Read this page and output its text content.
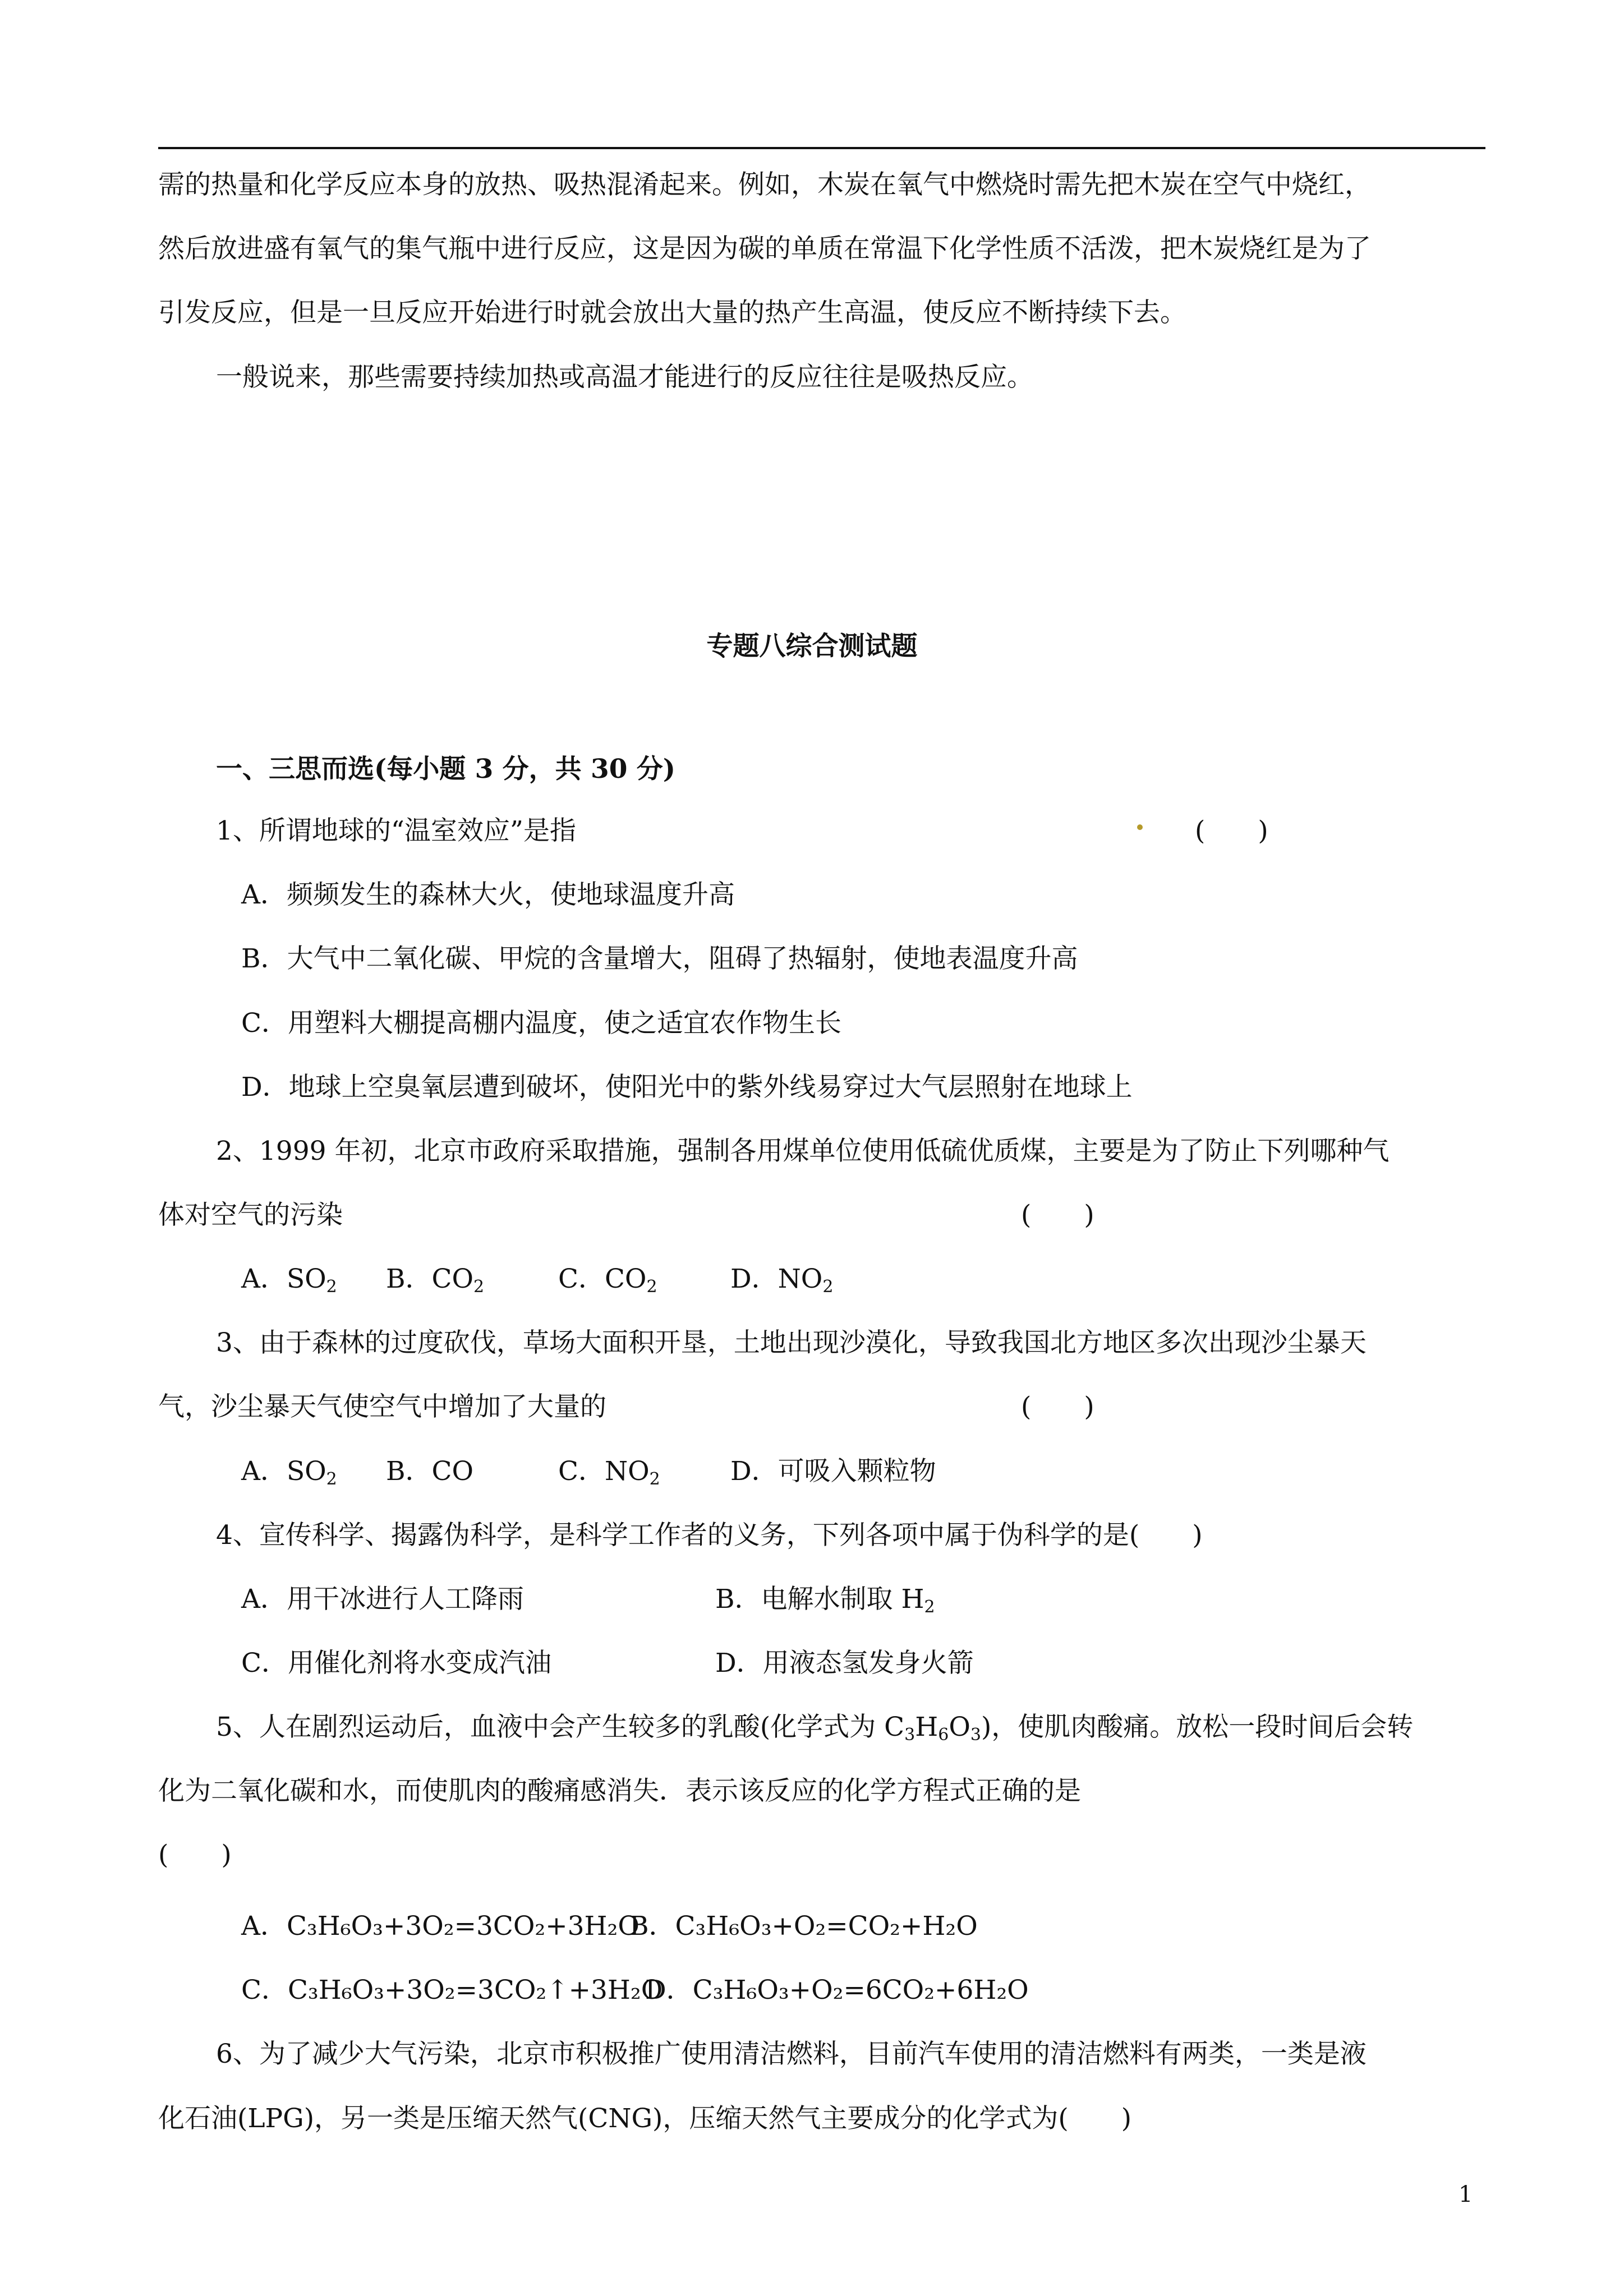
需的热量和化学反应本身的放热、吸热混淆起来。例如，木炭在氧气中燃烧时需先把木炭在空气中烧红，
然后放进盛有氧气的集气瓶中进行反应，这是因为碳的单质在常温下化学性质不活泼，把木炭烧红是为了
引发反应，但是一旦反应开始进行时就会放出大量的热产生高温，使反应不断持续下去。
一般说来，那些需要持续加热或高温才能进行的反应往往是吸热反应。
专题八综合测试题
一、三思而选(每小题 3 分，共 30 分)
1、所谓地球的“温室效应”是指	(　　)
A．频频发生的森林大火，使地球温度升高
B．大气中二氧化碳、甲烷的含量增大，阻碍了热辐射，使地表温度升高
C．用塑料大棚提高棚内温度，使之适宜农作物生长
D．地球上空臭氧层遭到破坏，使阳光中的紫外线易穿过大气层照射在地球上
2、1999 年初，北京市政府采取措施，强制各用煤单位使用低硫优质煤，主要是为了防止下列哪种气
体对空气的污染	(　　)
A．$SO_2$ B．$CO_2$	C．$CO_2$	D．$NO_2$
3、由于森林的过度砍伐，草场大面积开垦，土地出现沙漠化，导致我国北方地区多次出现沙尘暴天
气，沙尘暴天气使空气中增加了大量的	(　　)
A．$SO_2$ B．CO	C．$NO_2$	D．可吸入颗粒物
4、宣传科学、揭露伪科学，是科学工作者的义务，下列各项中属于伪科学的是(　　)
A．用干冰进行人工降雨	B．电解水制取 $H_2$
C．用催化剂将水变成汽油	D．用液态氢发身火箭
5、人在剧烈运动后，血液中会产生较多的乳酸(化学式为 $C_3H_6O_3$)，使肌肉酸痛。放松一段时间后会转
化为二氧化碳和水，而使肌肉的酸痛感消失．表示该反应的化学方程式正确的是
(　　)
A．C₃H₆O₃+3O₂=3CO₂+3H₂O
B．C₃H₆O₃+O₂=CO₂+H₂O
C．C₃H₆O₃+3O₂=3CO₂↑+3H₂O
D．C₃H₆O₃+O₂=6CO₂+6H₂O
6、为了减少大气污染，北京市积极推广使用清洁燃料，目前汽车使用的清洁燃料有两类，一类是液
化石油(LPG)，另一类是压缩天然气(CNG)，压缩天然气主要成分的化学式为(　　)
1
